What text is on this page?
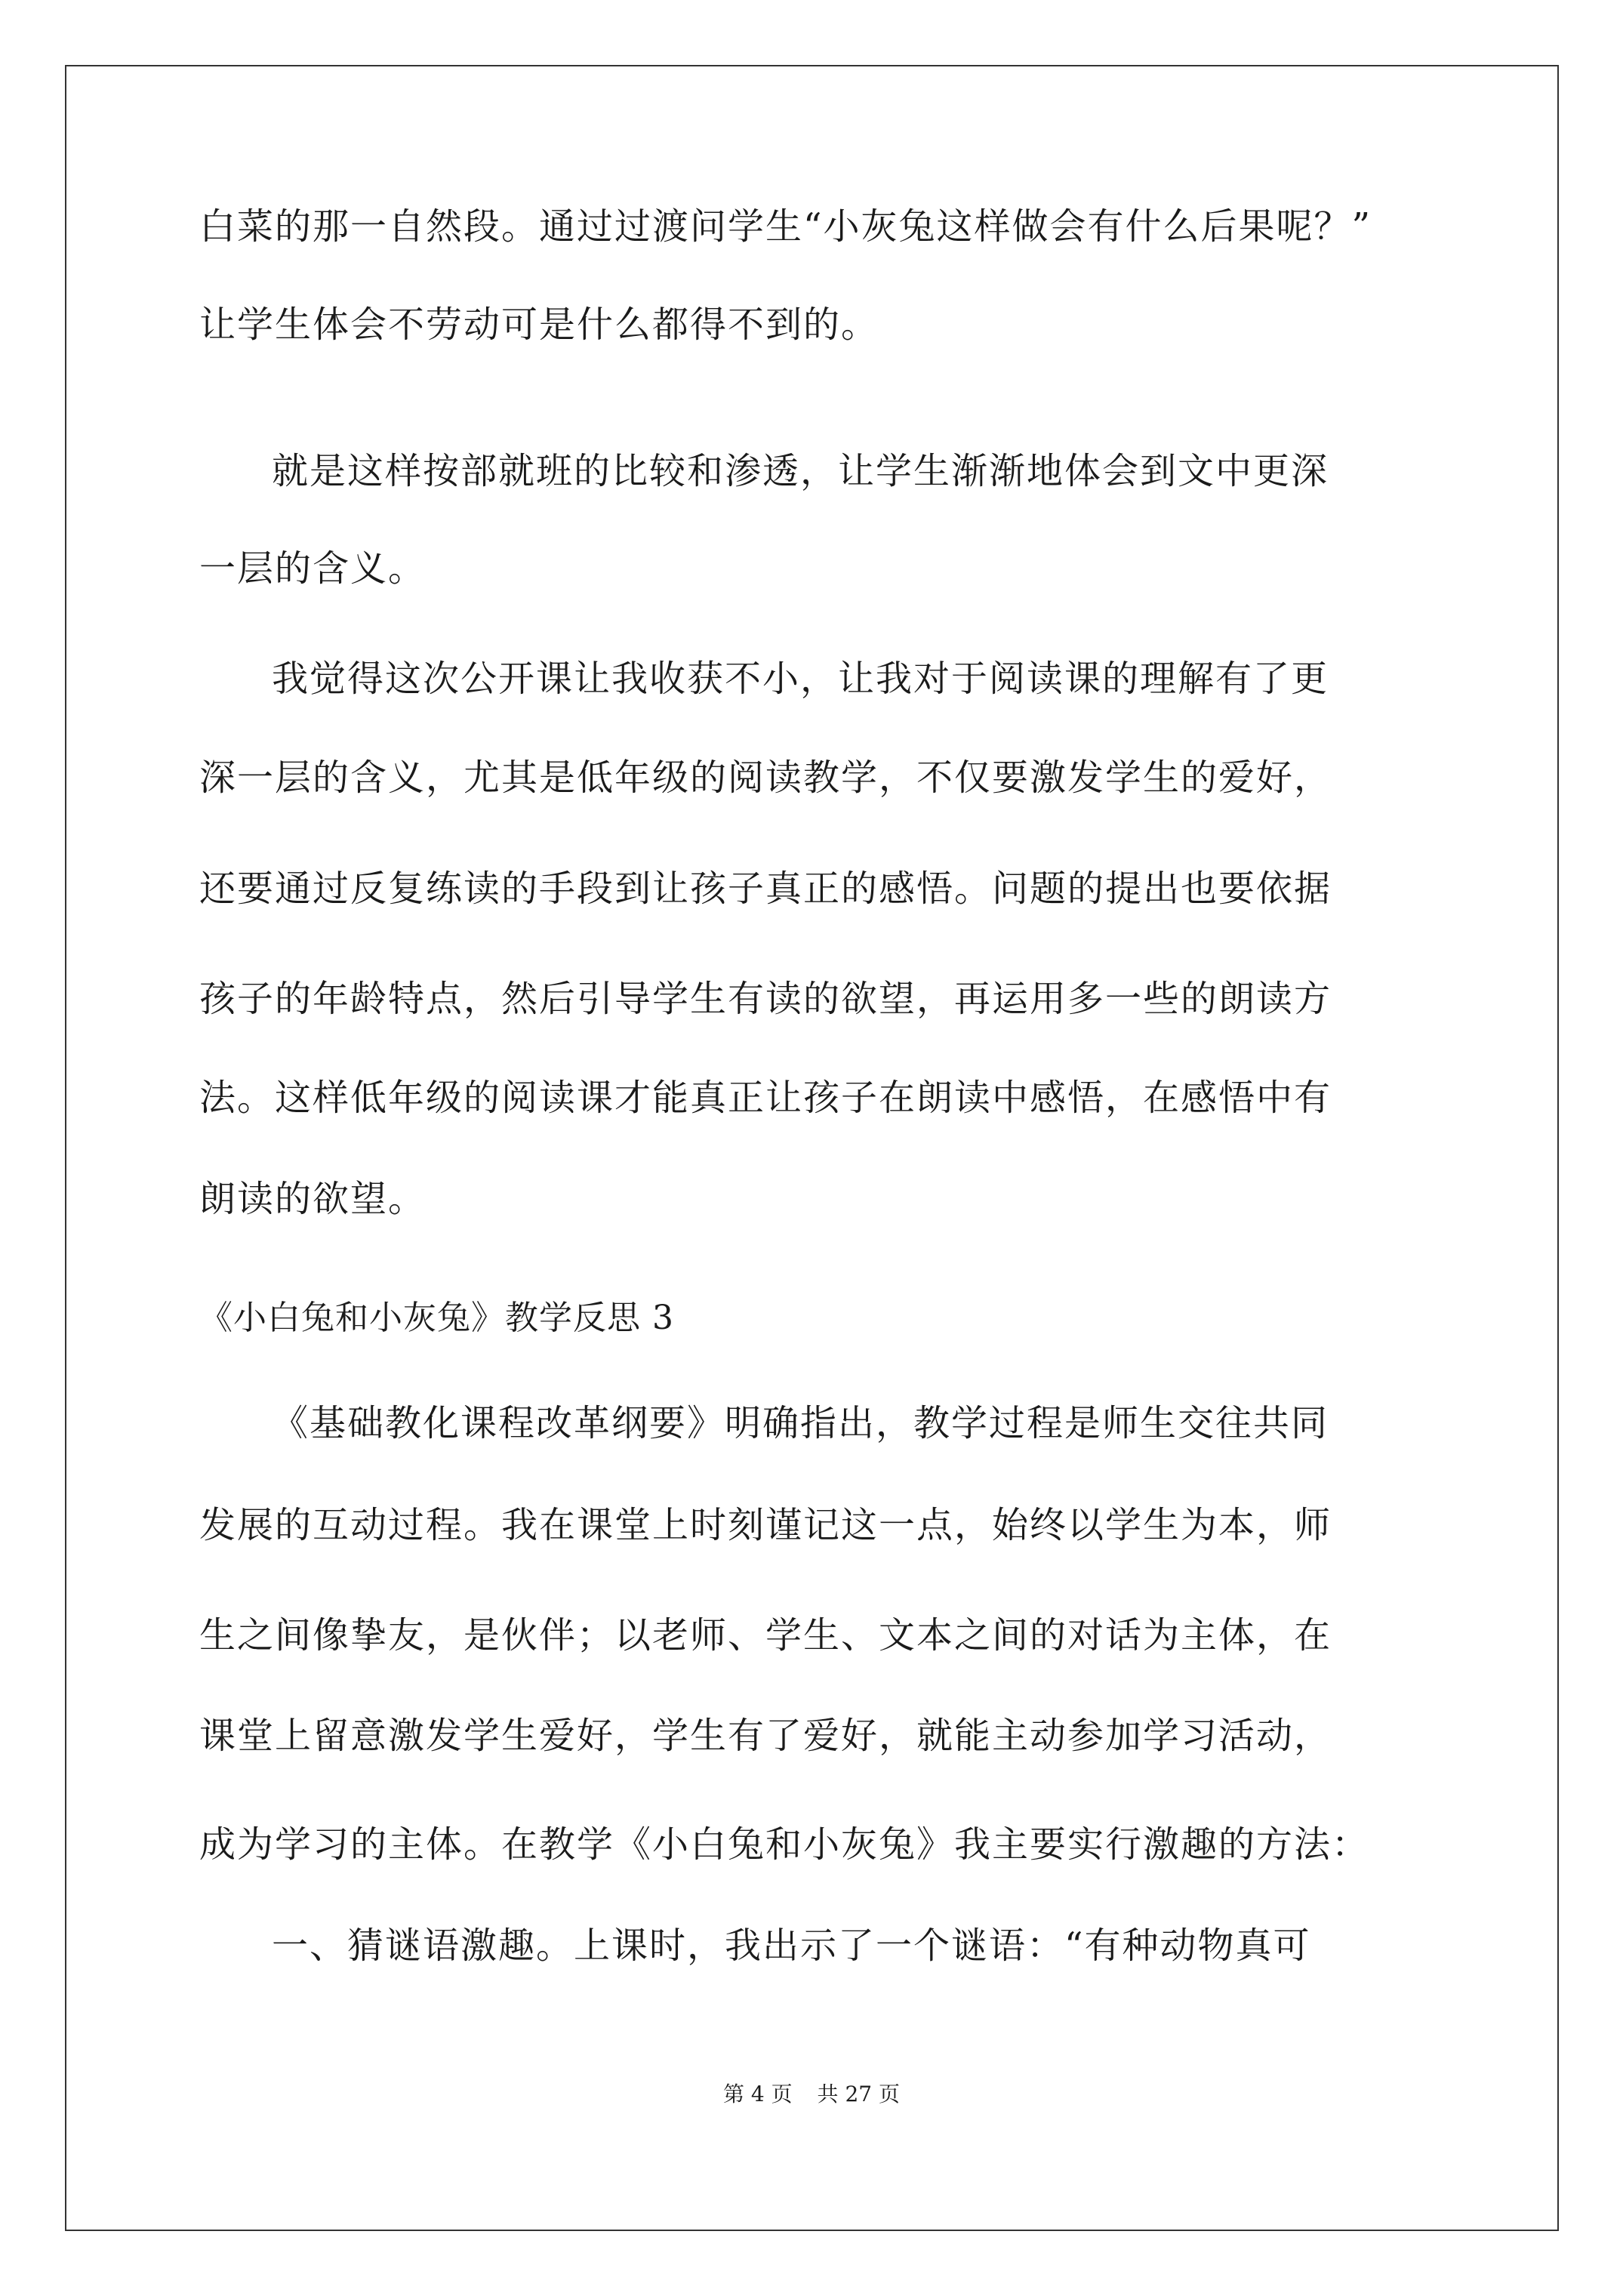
白菜的那一自然段。通过过渡问学生“小灰兔这样做会有什么后果呢？”
让学生体会不劳动可是什么都得不到的。
就是这样按部就班的比较和渗透，让学生渐渐地体会到文中更深
一层的含义。
我觉得这次公开课让我收获不小，让我对于阅读课的理解有了更
深一层的含义，尤其是低年级的阅读教学，不仅要激发学生的爱好，
还要通过反复练读的手段到让孩子真正的感悟。问题的提出也要依据
孩子的年龄特点，然后引导学生有读的欲望，再运用多一些的朗读方
法。这样低年级的阅读课才能真正让孩子在朗读中感悟，在感悟中有
朗读的欲望。
《小白兔和小灰兔》教学反思 3
《基础教化课程改革纲要》明确指出，教学过程是师生交往共同
发展的互动过程。我在课堂上时刻谨记这一点，始终以学生为本，师
生之间像挚友，是伙伴；以老师、学生、文本之间的对话为主体，在
课堂上留意激发学生爱好，学生有了爱好，就能主动参加学习活动，
成为学习的主体。在教学《小白兔和小灰兔》我主要实行激趣的方法：
一、猜谜语激趣。上课时，我出示了一个谜语：“有种动物真可
第 4 页 共 27 页
